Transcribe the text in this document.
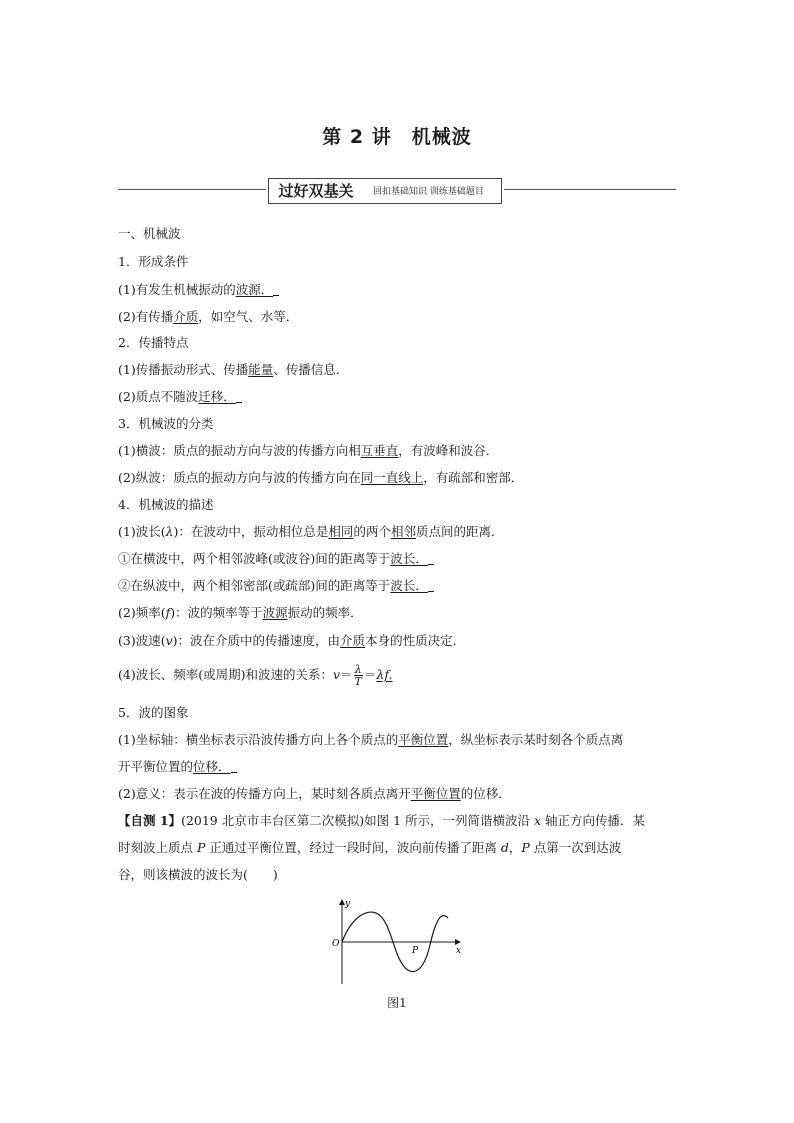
第 2 讲　机械波
过好双基关	回扣基础知识 训练基础题目
一、机械波
1．形成条件
(1)有发生机械振动的波源．
(2)有传播介质，如空气、水等．
2．传播特点
(1)传播振动形式、传播能量、传播信息．
(2)质点不随波迁移．
3．机械波的分类
(1)横波：质点的振动方向与波的传播方向相互垂直，有波峰和波谷．
(2)纵波：质点的振动方向与波的传播方向在同一直线上，有疏部和密部．
4．机械波的描述
(1)波长(λ)：在波动中，振动相位总是相同的两个相邻质点间的距离．
①在横波中，两个相邻波峰(或波谷)间的距离等于波长．
②在纵波中，两个相邻密部(或疏部)间的距离等于波长．
(2)频率(f)：波的频率等于波源振动的频率．
(3)波速(v)：波在介质中的传播速度，由介质本身的性质决定．
(4)波长、频率(或周期)和波速的关系：$v= \frac{\lambda}{T} =\lambda f$.
5．波的图象
(1)坐标轴：横坐标表示沿波传播方向上各个质点的平衡位置，纵坐标表示某时刻各个质点离
开平衡位置的位移．
(2)意义：表示在波的传播方向上，某时刻各质点离开平衡位置的位移．
【自测 1】(2019 北京市丰台区第二次模拟)如图 1 所示，一列简谐横波沿 x 轴正方向传播．某
时刻波上质点 P 正通过平衡位置，经过一段时间，波向前传播了距离 d，P 点第一次到达波
谷，则该横波的波长为(　　)
y
x
O
P
图1
